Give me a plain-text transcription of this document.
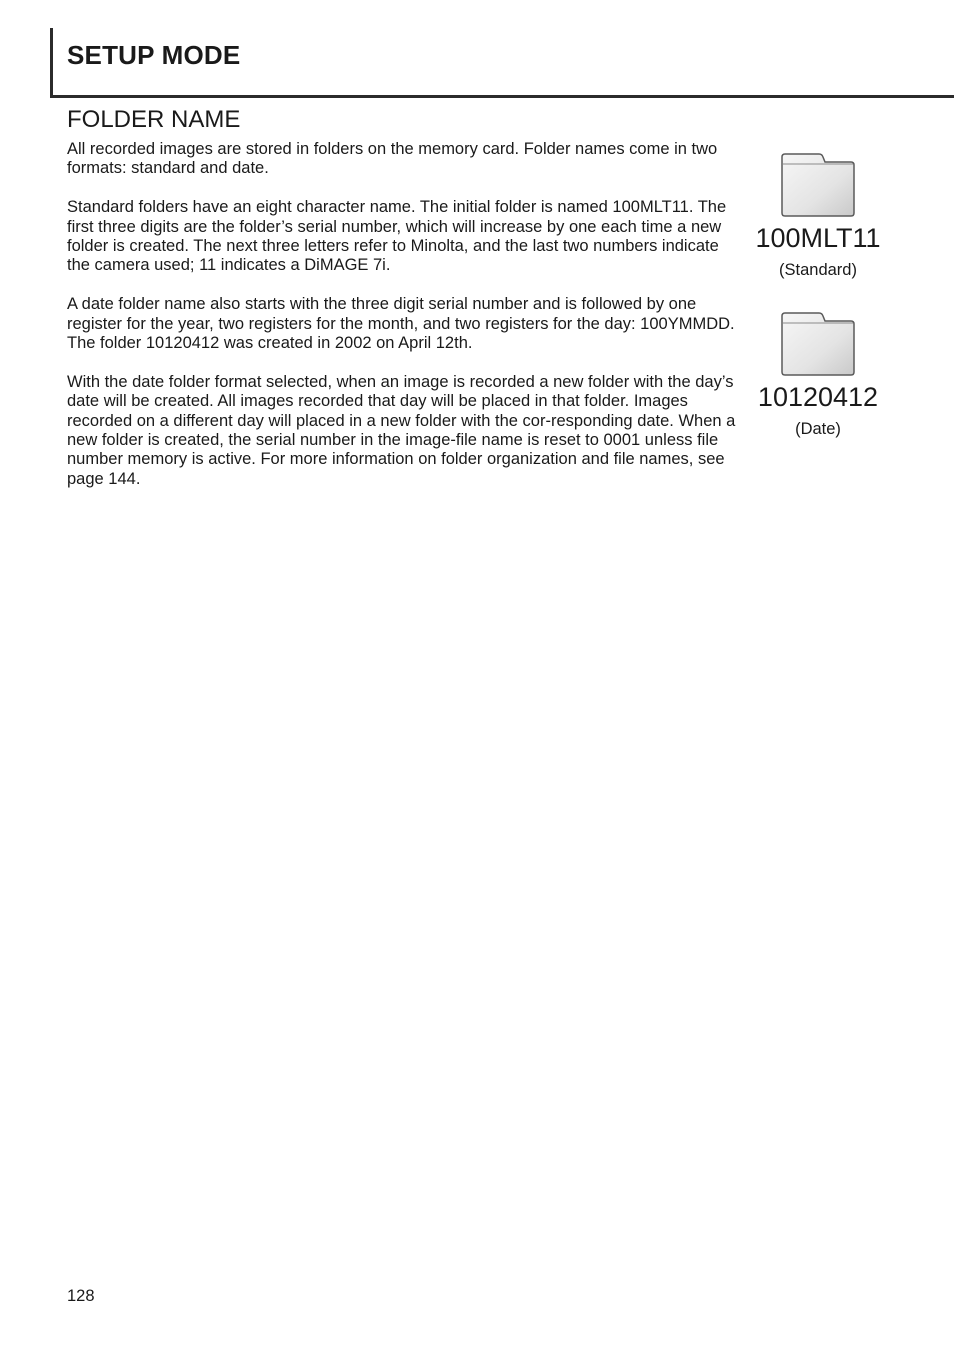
SETUP MODE
FOLDER NAME

All recorded images are stored in folders on the memory card. Folder names come in two formats: standard and date.

Standard folders have an eight character name. The initial folder is named 100MLT11. The first three digits are the folder’s serial number, which will increase by one each time a new folder is created. The next three letters refer to Minolta, and the last two numbers indicate the camera used; 11 indicates a DiMAGE 7i.

A date folder name also starts with the three digit serial number and is followed by one register for the year, two registers for the month, and two registers for the day: 100YMMDD. The folder 10120412 was created in 2002 on April 12th.

With the date folder format selected, when an image is recorded a new folder with the day’s date will be created. All images recorded that day will be placed in that folder. Images recorded on a different day will placed in a new folder with the cor-responding date. When a new folder is created, the serial number in the image-file name is reset to 0001 unless file number memory is active. For more information on folder organization and file names, see page 144.

100MLT11
(Standard)
10120412
(Date)
128
